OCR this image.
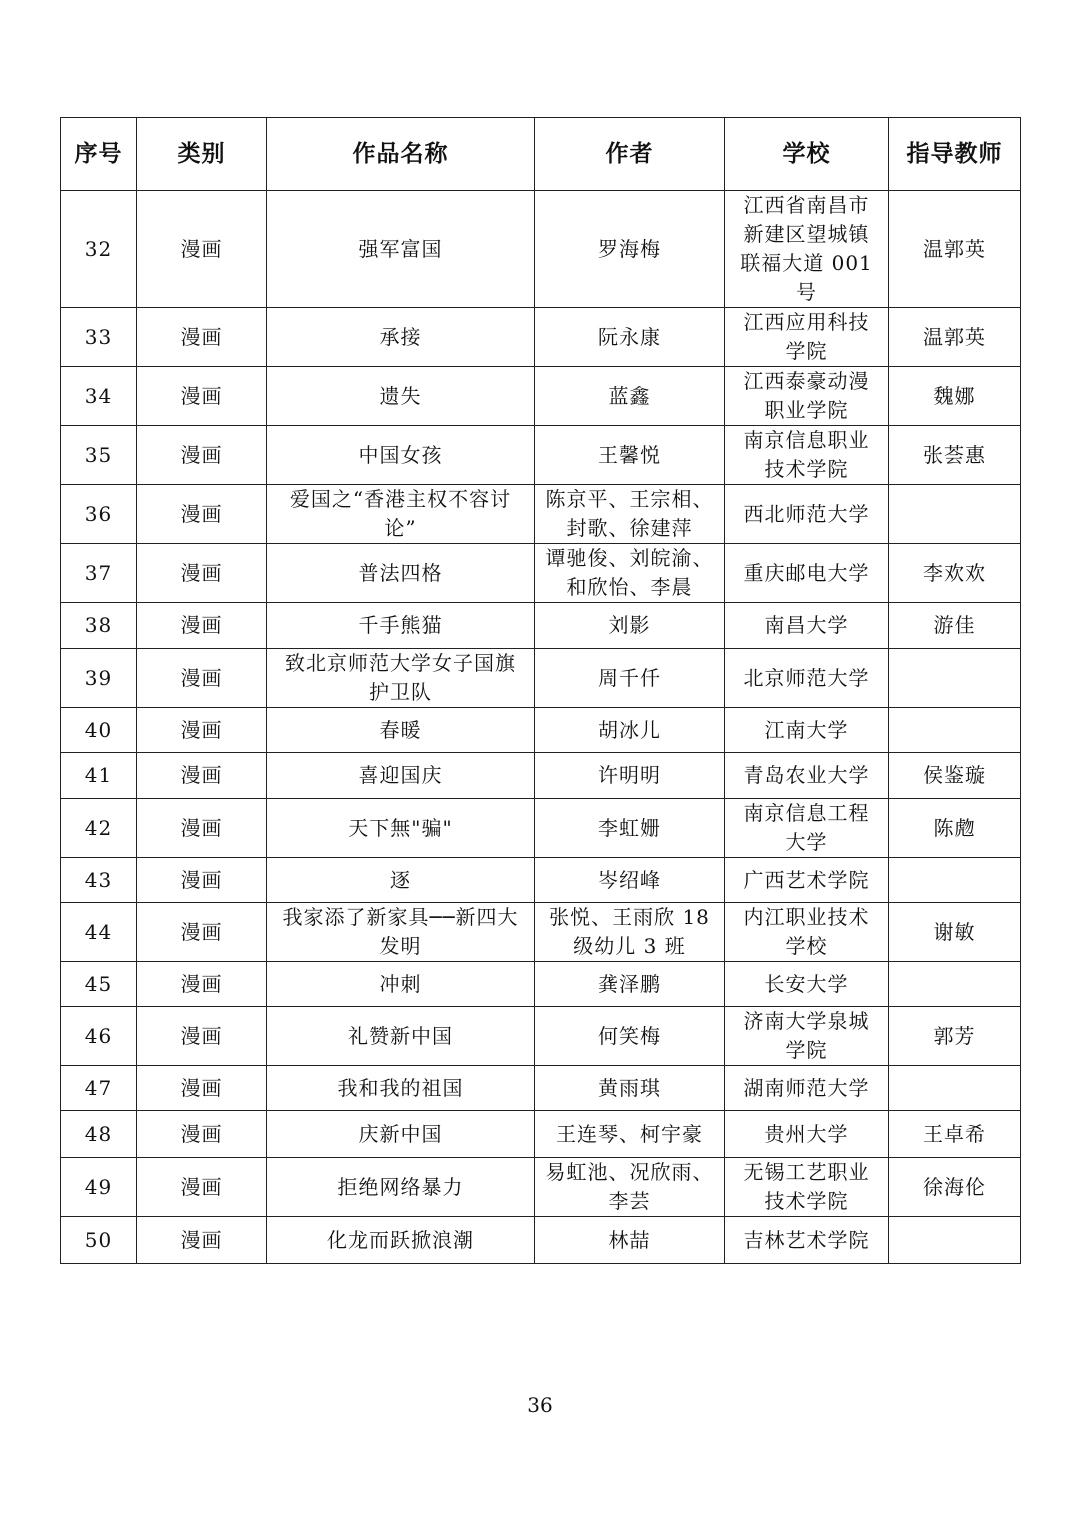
序号	类别	作品名称	作者	学校	指导教师
32	漫画	强军富国	罗海梅	江西省南昌市
新建区望城镇
联福大道 001
号	温郭英
33	漫画	承接	阮永康	江西应用科技
学院	温郭英
34	漫画	遗失	蓝鑫	江西泰豪动漫
职业学院	魏娜
35	漫画	中国女孩	王馨悦	南京信息职业
技术学院	张荟惠
36	漫画	爱国之“香港主权不容讨
论”	陈京平、王宗相、
封歌、徐建萍	西北师范大学	
37	漫画	普法四格	谭驰俊、刘皖渝、
和欣怡、李晨	重庆邮电大学	李欢欢
38	漫画	千手熊猫	刘影	南昌大学	游佳
39	漫画	致北京师范大学女子国旗
护卫队	周千仟	北京师范大学	
40	漫画	春暖	胡冰儿	江南大学	
41	漫画	喜迎国庆	许明明	青岛农业大学	侯鉴璇
42	漫画	天下無"骗"	李虹姗	南京信息工程
大学	陈虝
43	漫画	逐	岑绍峰	广西艺术学院	
44	漫画	我家添了新家具──新四大
发明	张悦、王雨欣 18
级幼儿 3 班	内江职业技术
学校	谢敏
45	漫画	冲刺	龚泽鹏	长安大学	
46	漫画	礼赞新中国	何笑梅	济南大学泉城
学院	郭芳
47	漫画	我和我的祖国	黄雨琪	湖南师范大学	
48	漫画	庆新中国	王连琴、柯宇豪	贵州大学	王卓希
49	漫画	拒绝网络暴力	易虹池、况欣雨、
李芸	无锡工艺职业
技术学院	徐海伦
50	漫画	化龙而跃掀浪潮	林喆	吉林艺术学院	
36
